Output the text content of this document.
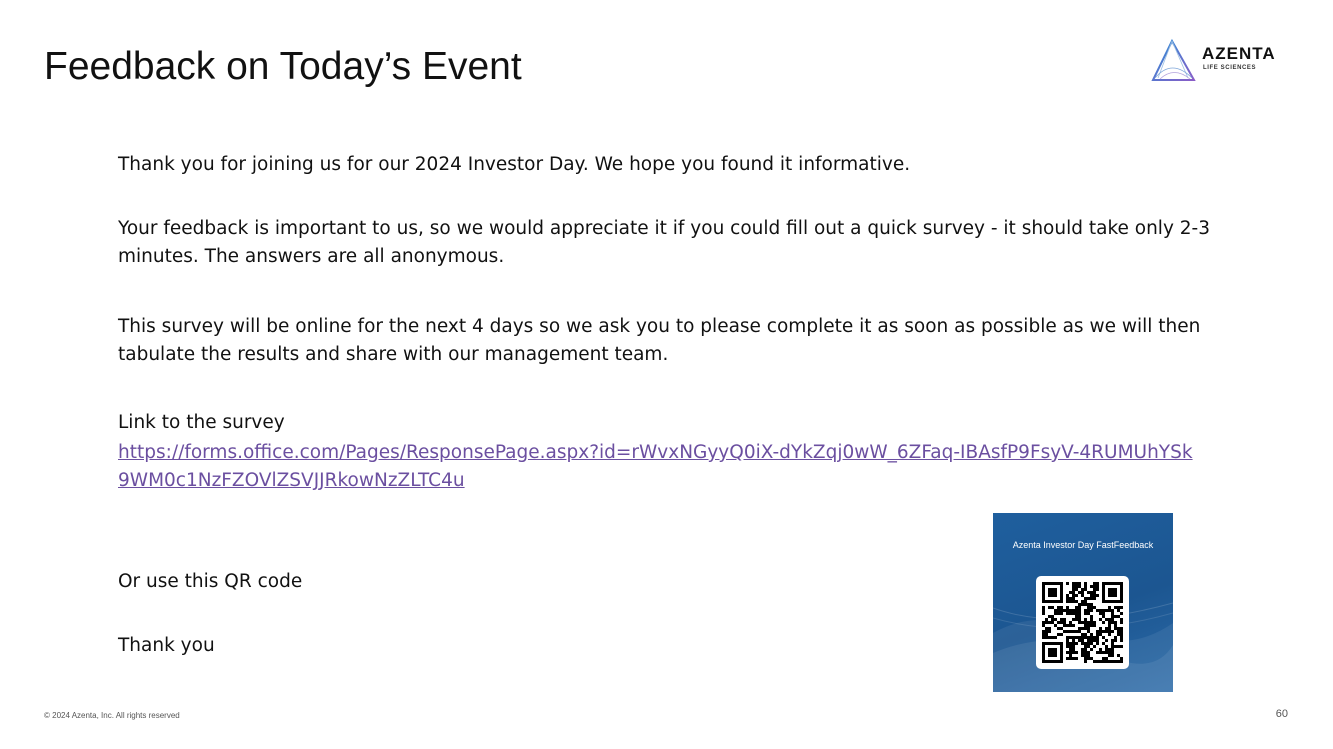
Feedback on Today’s Event	AZENTA
LIFE SCIENCES

Thank you for joining us for our 2024 Investor Day. We hope you found it informative.

Your feedback is important to us, so we would appreciate it if you could fill out a quick survey - it should take only 2-3 minutes. The answers are all anonymous.

This survey will be online for the next 4 days so we ask you to please complete it as soon as possible as we will then tabulate the results and share with our management team.

Link to the survey

https://forms.office.com/Pages/ResponsePage.aspx?id=rWvxNGyyQ0iX-dYkZqj0wW_6ZFaq-IBAsfP9FsyV-4RUMUhYSk9WM0c1NzFZOVlZSVJJRkowNzZLTC4u

Or use this QR code

Thank you

Azenta Investor Day FastFeedback
© 2024 Azenta, Inc. All rights reserved	60
